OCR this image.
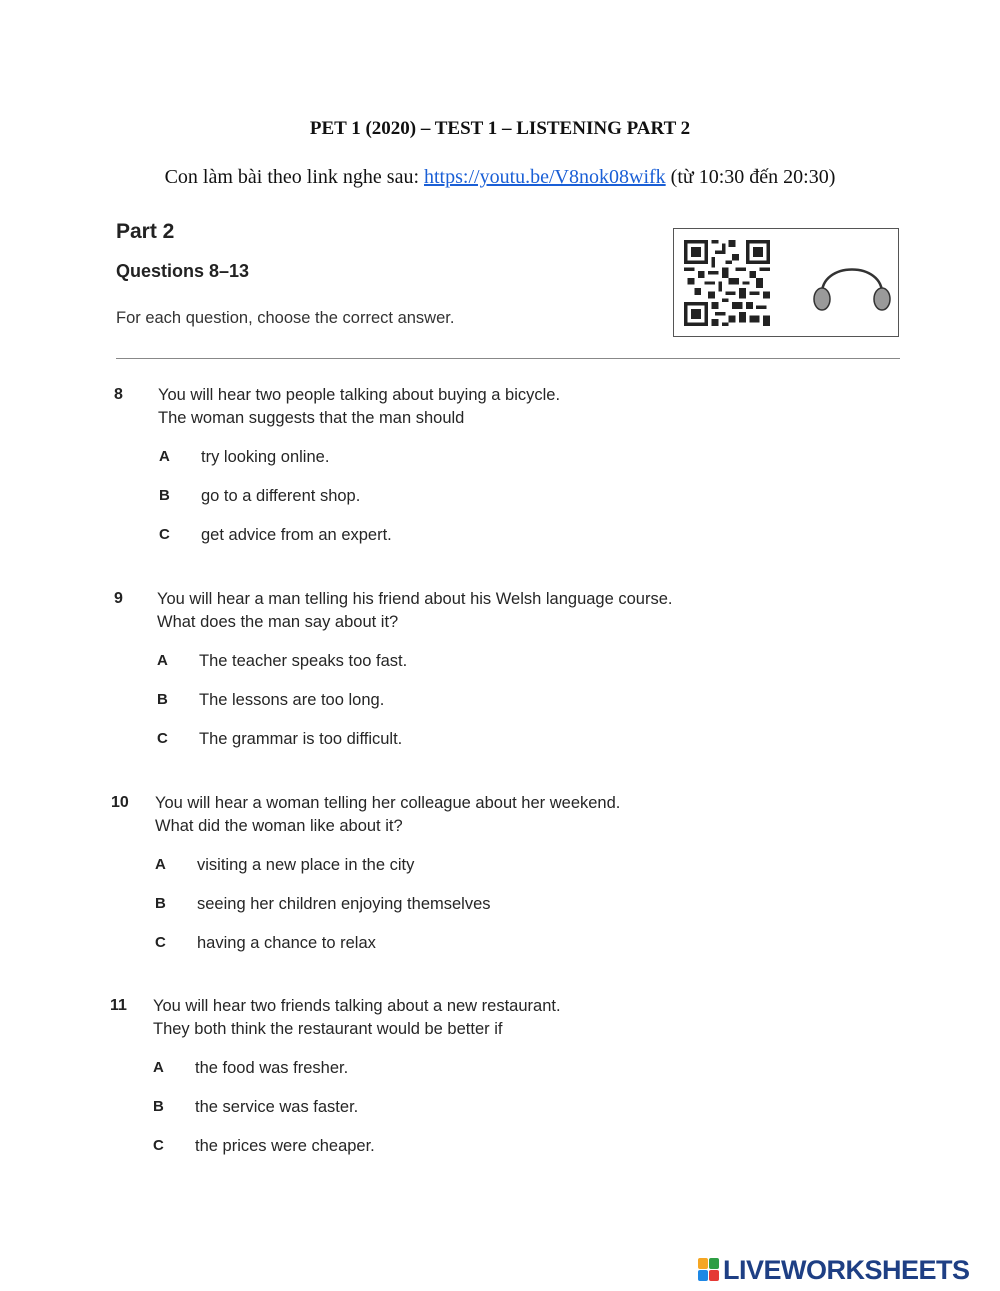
PET 1 (2020) – TEST 1 – LISTENING PART 2
Con làm bài theo link nghe sau: https://youtu.be/V8nok08wifk (từ 10:30 đến 20:30)
Part 2
Questions 8–13
For each question, choose the correct answer.
8 You will hear two people talking about buying a bicycle.
The woman suggests that the man should
A try looking online.
B go to a different shop.
C get advice from an expert.
9 You will hear a man telling his friend about his Welsh language course.
What does the man say about it?
A The teacher speaks too fast.
B The lessons are too long.
C The grammar is too difficult.
10 You will hear a woman telling her colleague about her weekend.
What did the woman like about it?
A visiting a new place in the city
B seeing her children enjoying themselves
C having a chance to relax
11 You will hear two friends talking about a new restaurant.
They both think the restaurant would be better if
A the food was fresher.
B the service was faster.
C the prices were cheaper.
LIVEWORKSHEETS
